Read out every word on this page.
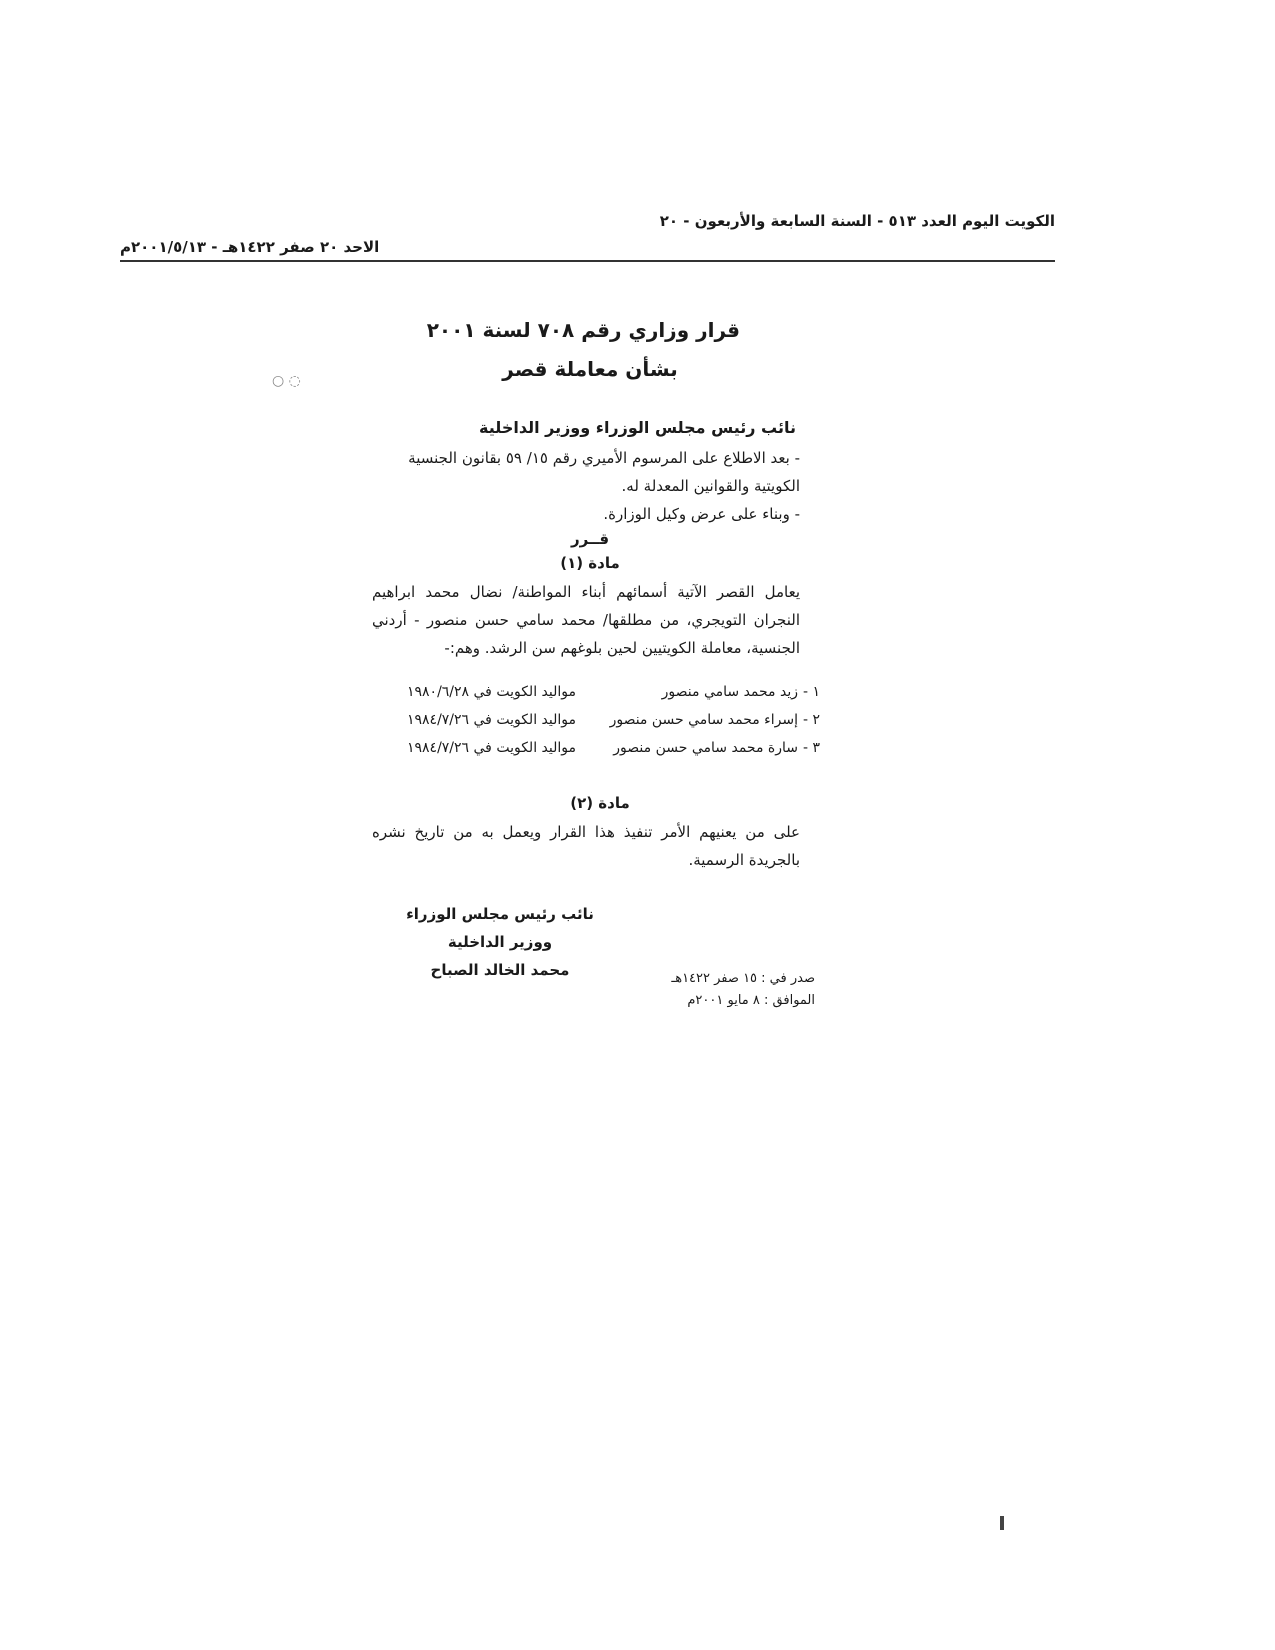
الكويت اليوم العدد ٥١٣ - السنة السابعة والأربعون - ٢٠
الاحد ٢٠ صفر ١٤٢٢هـ - ٢٠٠١/٥/١٣م
قرار وزاري رقم ٧٠٨ لسنة ٢٠٠١
بشأن معاملة قصر
○ ◌
نائب رئيس مجلس الوزراء ووزير الداخلية

- بعد الاطلاع على المرسوم الأميري رقم ١٥/ ٥٩ بقانون الجنسية الكويتية والقوانين المعدلة له.

- وبناء على عرض وكيل الوزارة.

قــرر
مادة (١)
يعامل القصر الآتية أسمائهم أبناء المواطنة/ نضال محمد ابراهيم النجران التويجري، من مطلقها/ محمد سامي حسن منصور - أردني الجنسية، معاملة الكويتيين لحين بلوغهم سن الرشد. وهم:-
١ -
زيد محمد سامي منصور
مواليد الكويت في ١٩٨٠/٦/٢٨
٢ -
إسراء محمد سامي حسن منصور
مواليد الكويت في ١٩٨٤/٧/٢٦
٣ -
سارة محمد سامي حسن منصور
مواليد الكويت في ١٩٨٤/٧/٢٦
مادة (٢)
على من يعنيهم الأمر تنفيذ هذا القرار ويعمل به من تاريخ نشره بالجريدة الرسمية.
نائب رئيس مجلس الوزراء
ووزير الداخلية
محمد الخالد الصباح	صدر في : ١٥ صفر ١٤٢٢هـ
الموافق : ٨ مايو ٢٠٠١م
